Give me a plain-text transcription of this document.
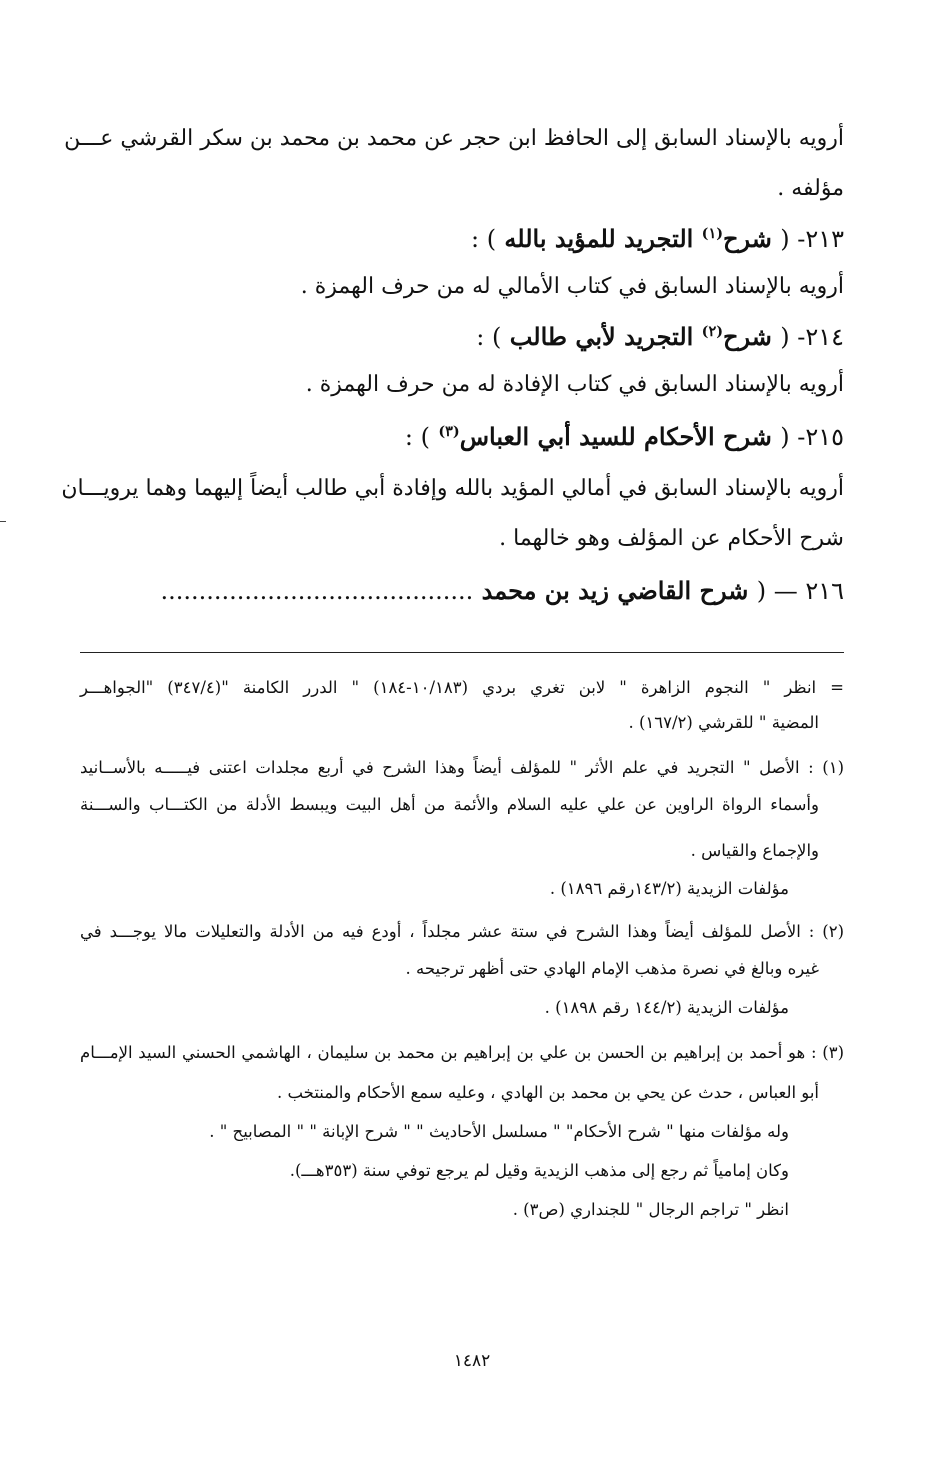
أرويه بالإسناد السابق إلى الحافظ ابن حجر عن محمد بن محمد بن سكر القرشي عـــن
مؤلفه .
٢١٣- ( شرح$^{(١)}$ التجريد للمؤيد بالله ) :
أرويه بالإسناد السابق في كتاب الأمالي له من حرف الهمزة .
٢١٤- ( شرح$^{(٢)}$ التجريد لأبي طالب ) :
أرويه بالإسناد السابق في كتاب الإفادة له من حرف الهمزة .
٢١٥- ( شرح الأحكام للسيد أبي العباس$^{(٣)}$ ) :
أرويه بالإسناد السابق في أمالي المؤيد بالله وإفادة أبي طالب أيضاً إليهما وهما يرويـــان
شرح الأحكام عن المؤلف وهو خالهما .
٢١٦ — ( شرح القاضي زيد بن محمد .........................................
= انظر " النجوم الزاهرة " لابن تغري بردي (١٠/١٨٣-١٨٤) " الدرر الكامنة "(٣٤٧/٤) "الجواهـــر
المضية " للقرشي (١٦٧/٢) .
(١) : الأصل " التجريد في علم الأثر " للمؤلف أيضاً وهذا الشرح في أربع مجلدات اعتنى فيـــــه بالأســانيد
وأسماء الرواة الراوين عن علي عليه السلام والأئمة من أهل البيت ويبسط الأدلة من الكتـــاب والســـنة
والإجماع والقياس .
مؤلفات الزيدية (١٤٣/٢رقم ١٨٩٦) .
(٢) : الأصل للمؤلف أيضاً وهذا الشرح في ستة عشر مجلداً ، أودع فيه من الأدلة والتعليلات مالا يوجـــد في
غيره وبالغ في نصرة مذهب الإمام الهادي حتى أظهر ترجيحه .
مؤلفات الزيدية (١٤٤/٢ رقم ١٨٩٨) .
(٣) : هو أحمد بن إبراهيم بن الحسن بن علي بن إبراهيم بن محمد بن سليمان ، الهاشمي الحسني السيد الإمـــام
أبو العباس ، حدث عن يحي بن محمد بن الهادي ، وعليه سمع الأحكام والمنتخب .
وله مؤلفات منها " شرح الأحكام" " مسلسل الأحاديث " " شرح الإبانة " " المصابيح " .
وكان إمامياً ثم رجع إلى مذهب الزيدية وقيل لم يرجع توفي سنة (٣٥٣هـــ).
انظر " تراجم الرجال " للجنداري (ص٣) .
١٤٨٢
